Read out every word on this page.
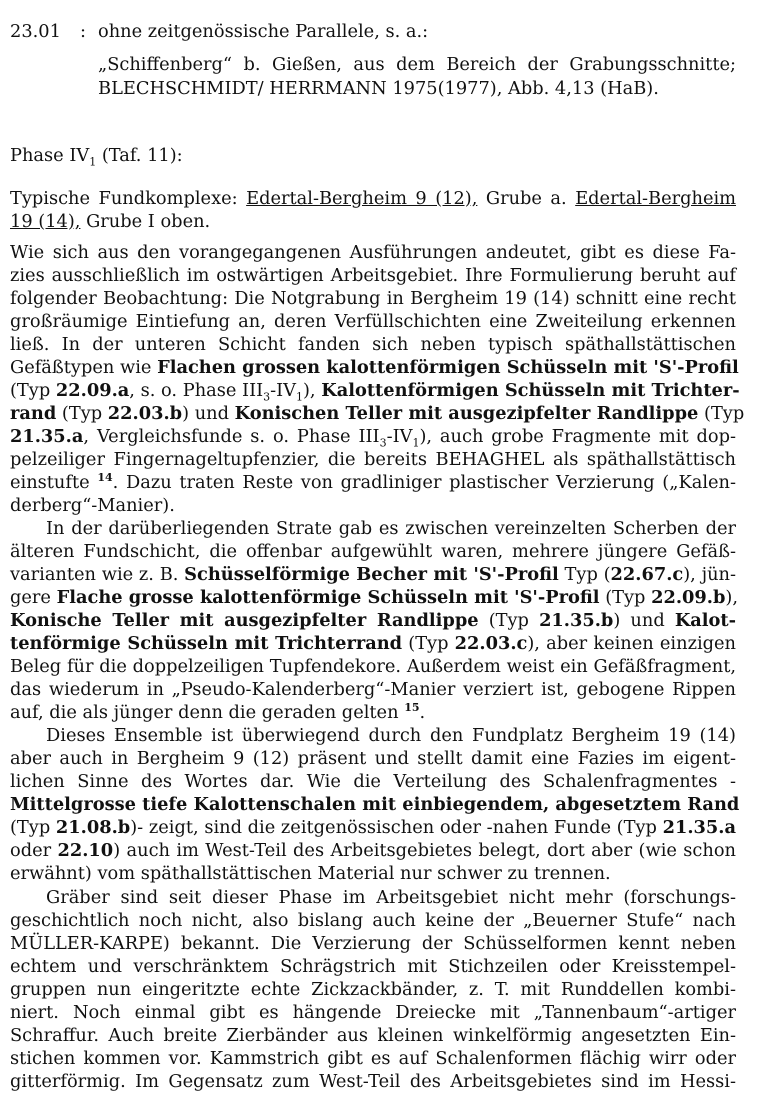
23.01 : ohne zeitgenössische Parallele, s. a.:
„Schiffenberg“ b. Gießen, aus dem Bereich der Grabungsschnitte;
BLECHSCHMIDT/ HERRMANN 1975(1977), Abb. 4,13 (HaB).
Phase $IV_1$ (Taf. 11):
Typische Fundkomplexe: Edertal-Bergheim 9 (12), Grube a. Edertal-Bergheim
19 (14), Grube I oben.
Wie sich aus den vorangegangenen Ausführungen andeutet, gibt es diese Fa-
zies ausschließlich im ostwärtigen Arbeitsgebiet. Ihre Formulierung beruht auf
folgender Beobachtung: Die Notgrabung in Bergheim 19 (14) schnitt eine recht
großräumige Eintiefung an, deren Verfüllschichten eine Zweiteilung erkennen
ließ. In der unteren Schicht fanden sich neben typisch späthallstättischen
Gefäßtypen wie Flachen grossen kalottenförmigen Schüsseln mit 'S'-Profil
(Typ 22.09.a, s. o. Phase $III_3-IV_1$), Kalottenförmigen Schüsseln mit Trichter-
rand (Typ 22.03.b) und Konischen Teller mit ausgezipfelter Randlippe (Typ
21.35.a, Vergleichsfunde s. o. Phase $III_3-IV_1$), auch grobe Fragmente mit dop-
pelzeiliger Fingernageltupfenzier, die bereits BEHAGHEL als späthallstättisch
einstufte $^{14}$. Dazu traten Reste von gradliniger plastischer Verzierung („Kalen-
derberg“-Manier).
In der darüberliegenden Strate gab es zwischen vereinzelten Scherben der
älteren Fundschicht, die offenbar aufgewühlt waren, mehrere jüngere Gefäß-
varianten wie z. B. Schüsselförmige Becher mit 'S'-Profil Typ (22.67.c), jün-
gere Flache grosse kalottenförmige Schüsseln mit 'S'-Profil (Typ 22.09.b),
Konische Teller mit ausgezipfelter Randlippe (Typ 21.35.b) und Kalot-
tenförmige Schüsseln mit Trichterrand (Typ 22.03.c), aber keinen einzigen
Beleg für die doppelzeiligen Tupfendekore. Außerdem weist ein Gefäßfragment,
das wiederum in „Pseudo-Kalenderberg“-Manier verziert ist, gebogene Rippen
auf, die als jünger denn die geraden gelten $^{15}$.
Dieses Ensemble ist überwiegend durch den Fundplatz Bergheim 19 (14)
aber auch in Bergheim 9 (12) präsent und stellt damit eine Fazies im eigent-
lichen Sinne des Wortes dar. Wie die Verteilung des Schalenfragmentes -
Mittelgrosse tiefe Kalottenschalen mit einbiegendem, abgesetztem Rand
(Typ 21.08.b)- zeigt, sind die zeitgenössischen oder -nahen Funde (Typ 21.35.a
oder 22.10) auch im West-Teil des Arbeitsgebietes belegt, dort aber (wie schon
erwähnt) vom späthallstättischen Material nur schwer zu trennen.
Gräber sind seit dieser Phase im Arbeitsgebiet nicht mehr (forschungs-
geschichtlich noch nicht, also bislang auch keine der „Beuerner Stufe“ nach
MÜLLER-KARPE) bekannt. Die Verzierung der Schüsselformen kennt neben
echtem und verschränktem Schrägstrich mit Stichzeilen oder Kreisstempel-
gruppen nun eingeritzte echte Zickzackbänder, z. T. mit Runddellen kombi-
niert. Noch einmal gibt es hängende Dreiecke mit „Tannenbaum“-artiger
Schraffur. Auch breite Zierbänder aus kleinen winkelförmig angesetzten Ein-
stichen kommen vor. Kammstrich gibt es auf Schalenformen flächig wirr oder
gitterförmig. Im Gegensatz zum West-Teil des Arbeitsgebietes sind im Hessi-
